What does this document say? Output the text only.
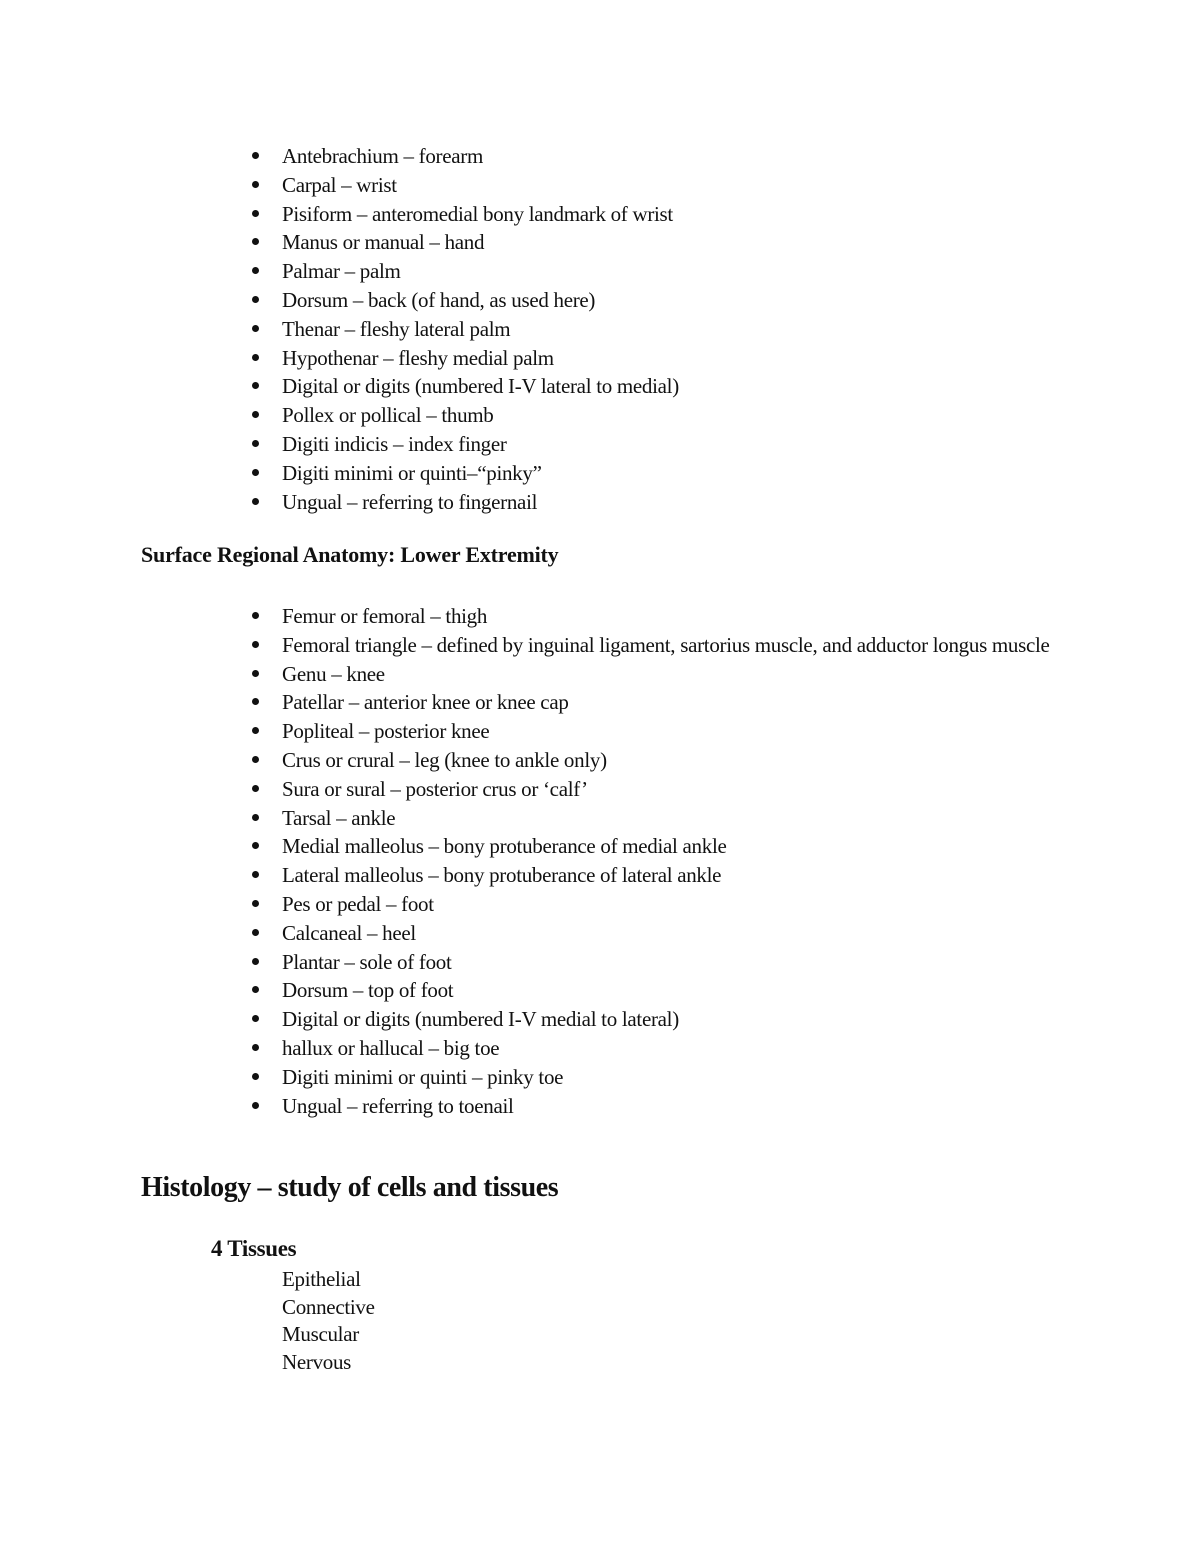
Antebrachium – forearm
Carpal – wrist
Pisiform – anteromedial bony landmark of wrist
Manus or manual – hand
Palmar – palm
Dorsum – back (of hand, as used here)
Thenar – fleshy lateral palm
Hypothenar – fleshy medial palm
Digital or digits (numbered I-V lateral to medial)
Pollex or pollical – thumb
Digiti indicis – index finger
Digiti minimi or quinti–“pinky”
Ungual – referring to fingernail
Surface Regional Anatomy: Lower Extremity
Femur or femoral – thigh
Femoral triangle – defined by inguinal ligament, sartorius muscle, and adductor longus muscle
Genu – knee
Patellar – anterior knee or knee cap
Popliteal – posterior knee
Crus or crural – leg (knee to ankle only)
Sura or sural – posterior crus or ‘calf’
Tarsal – ankle
Medial malleolus – bony protuberance of medial ankle
Lateral malleolus – bony protuberance of lateral ankle
Pes or pedal – foot
Calcaneal – heel
Plantar – sole of foot
Dorsum – top of foot
Digital or digits (numbered I-V medial to lateral)
hallux or hallucal – big toe
Digiti minimi or quinti – pinky toe
Ungual – referring to toenail
Histology – study of cells and tissues
4 Tissues
Epithelial
Connective
Muscular
Nervous
